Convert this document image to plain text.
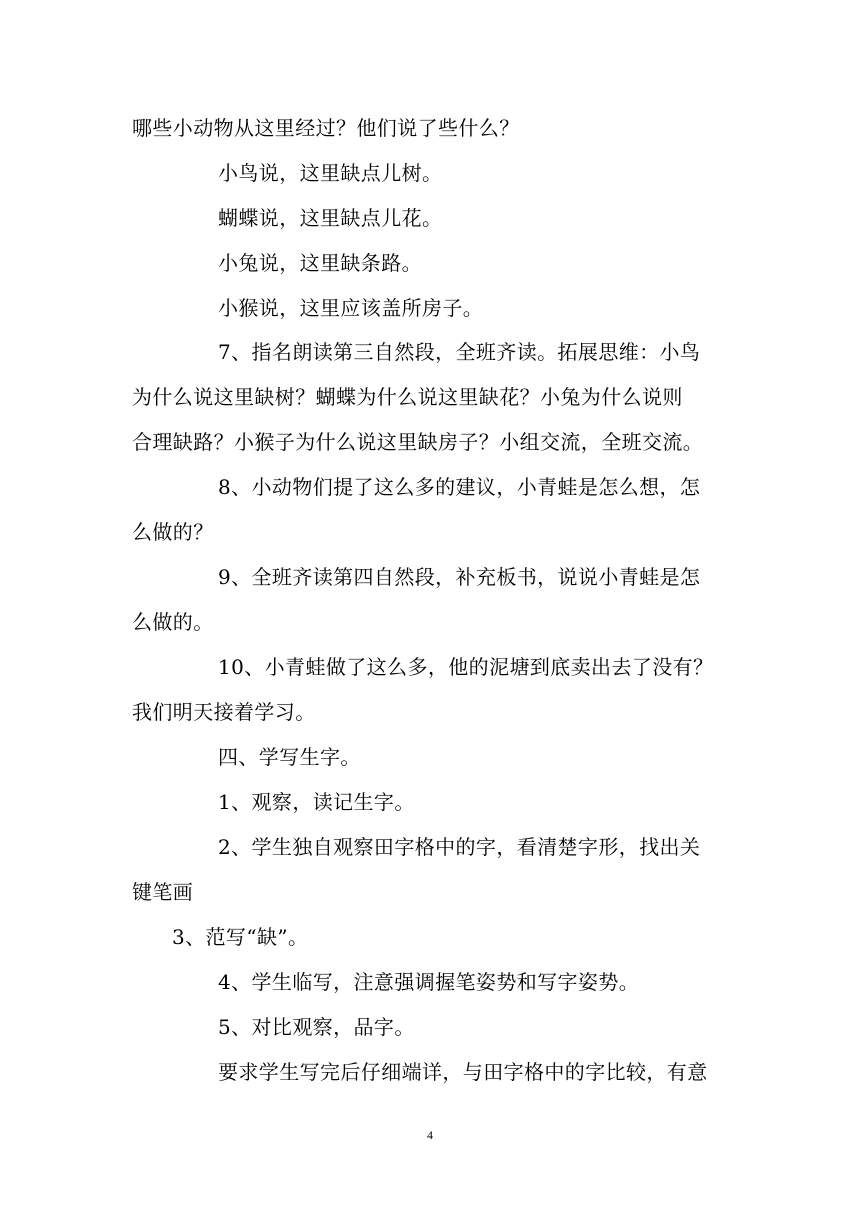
哪些小动物从这里经过？他们说了些什么？
小鸟说，这里缺点儿树。
蝴蝶说，这里缺点儿花。
小兔说，这里缺条路。
小猴说，这里应该盖所房子。
7、指名朗读第三自然段，全班齐读。拓展思维：小鸟
为什么说这里缺树？蝴蝶为什么说这里缺花？小兔为什么说则
合理缺路？小猴子为什么说这里缺房子？小组交流，全班交流。
8、小动物们提了这么多的建议，小青蛙是怎么想，怎
么做的？
9、全班齐读第四自然段，补充板书，说说小青蛙是怎
么做的。
10、小青蛙做了这么多，他的泥塘到底卖出去了没有？
我们明天接着学习。
四、学写生字。
1、观察，读记生字。
2、学生独自观察田字格中的字，看清楚字形，找出关
键笔画
3、范写“缺”。
4、学生临写，注意强调握笔姿势和写字姿势。
5、对比观察，品字。
要求学生写完后仔细端详，与田字格中的字比较，有意
4
